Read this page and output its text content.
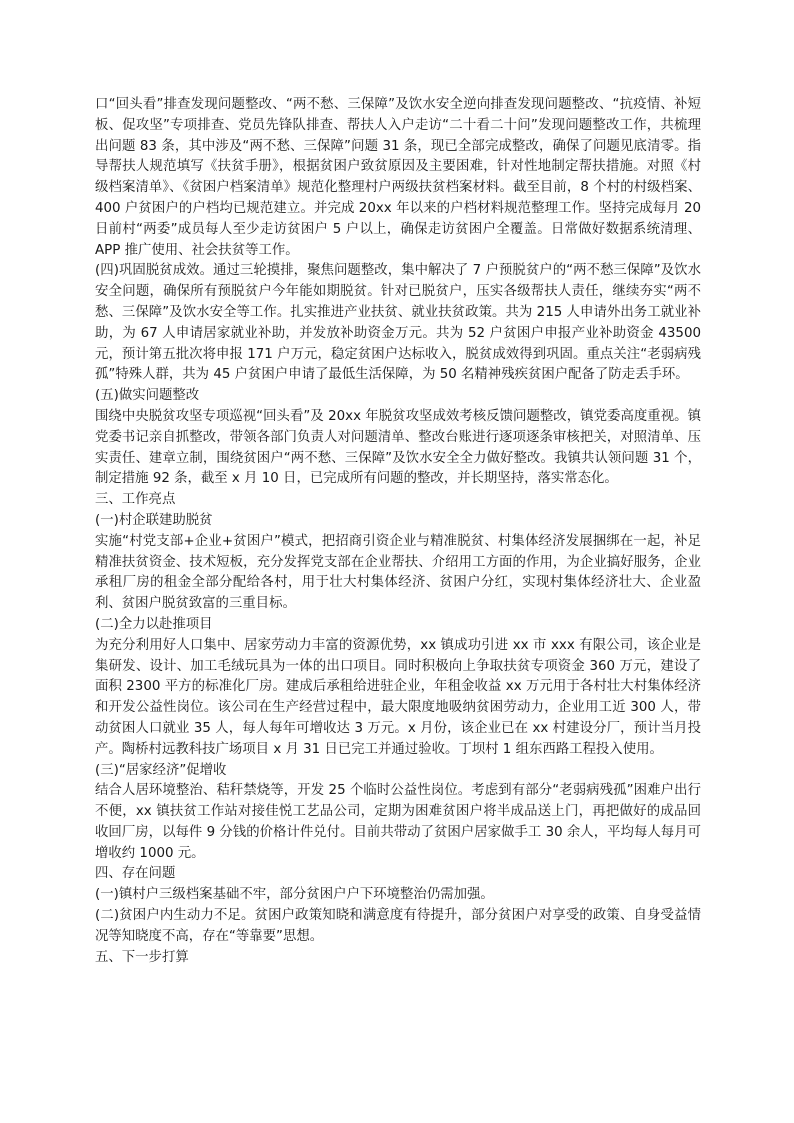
口“回头看”排查发现问题整改、“两不愁、三保障”及饮水安全逆向排查发现问题整改、“抗疫情、补短板、促攻坚”专项排查、党员先锋队排查、帮扶人入户走访“二十看二十问”发现问题整改工作，共梳理出问题 83 条，其中涉及“两不愁、三保障”问题 31 条，现已全部完成整改，确保了问题见底清零。指导帮扶人规范填写《扶贫手册》，根据贫困户致贫原因及主要困难，针对性地制定帮扶措施。对照《村级档案清单》、《贫困户档案清单》规范化整理村户两级扶贫档案材料。截至目前，8 个村的村级档案、400 户贫困户的户档均已规范建立。并完成 20xx 年以来的户档材料规范整理工作。坚持完成每月 20 日前村“两委”成员每人至少走访贫困户 5 户以上，确保走访贫困户全覆盖。日常做好数据系统清理、APP 推广使用、社会扶贫等工作。

(四)巩固脱贫成效。通过三轮摸排，聚焦问题整改，集中解决了 7 户预脱贫户的“两不愁三保障”及饮水安全问题，确保所有预脱贫户今年能如期脱贫。针对已脱贫户，压实各级帮扶人责任，继续夯实“两不愁、三保障”及饮水安全等工作。扎实推进产业扶贫、就业扶贫政策。共为 215 人申请外出务工就业补助，为 67 人申请居家就业补助，并发放补助资金万元。共为 52 户贫困户申报产业补助资金 43500 元，预计第五批次将申报 171 户万元，稳定贫困户达标收入，脱贫成效得到巩固。重点关注“老弱病残孤”特殊人群，共为 45 户贫困户申请了最低生活保障，为 50 名精神残疾贫困户配备了防走丢手环。

(五)做实问题整改

围绕中央脱贫攻坚专项巡视“回头看”及 20xx 年脱贫攻坚成效考核反馈问题整改，镇党委高度重视。镇党委书记亲自抓整改，带领各部门负责人对问题清单、整改台账进行逐项逐条审核把关，对照清单、压实责任、建章立制，围绕贫困户“两不愁、三保障”及饮水安全全力做好整改。我镇共认领问题 31 个，制定措施 92 条，截至 x 月 10 日，已完成所有问题的整改，并长期坚持，落实常态化。

三、工作亮点

(一)村企联建助脱贫

实施“村党支部+企业+贫困户”模式，把招商引资企业与精准脱贫、村集体经济发展捆绑在一起，补足精准扶贫资金、技术短板，充分发挥党支部在企业帮扶、介绍用工方面的作用，为企业搞好服务，企业承租厂房的租金全部分配给各村，用于壮大村集体经济、贫困户分红，实现村集体经济壮大、企业盈利、贫困户脱贫致富的三重目标。

(二)全力以赴推项目

为充分利用好人口集中、居家劳动力丰富的资源优势，xx 镇成功引进 xx 市 xxx 有限公司，该企业是集研发、设计、加工毛绒玩具为一体的出口项目。同时积极向上争取扶贫专项资金 360 万元，建设了面积 2300 平方的标准化厂房。建成后承租给进驻企业，年租金收益 xx 万元用于各村壮大村集体经济和开发公益性岗位。该公司在生产经营过程中，最大限度地吸纳贫困劳动力，企业用工近 300 人，带动贫困人口就业 35 人，每人每年可增收达 3 万元。x 月份，该企业已在 xx 村建设分厂，预计当月投产。陶桥村远教科技广场项目 x 月 31 日已完工并通过验收。丁坝村 1 组东西路工程投入使用。

(三)“居家经济”促增收

结合人居环境整治、秸秆禁烧等，开发 25 个临时公益性岗位。考虑到有部分“老弱病残孤”困难户出行不便，xx 镇扶贫工作站对接佳悦工艺品公司，定期为困难贫困户将半成品送上门，再把做好的成品回收回厂房，以每件 9 分钱的价格计件兑付。目前共带动了贫困户居家做手工 30 余人，平均每人每月可增收约 1000 元。

四、存在问题

(一)镇村户三级档案基础不牢，部分贫困户户下环境整治仍需加强。

(二)贫困户内生动力不足。贫困户政策知晓和满意度有待提升，部分贫困户对享受的政策、自身受益情况等知晓度不高，存在“等靠要”思想。

五、下一步打算
